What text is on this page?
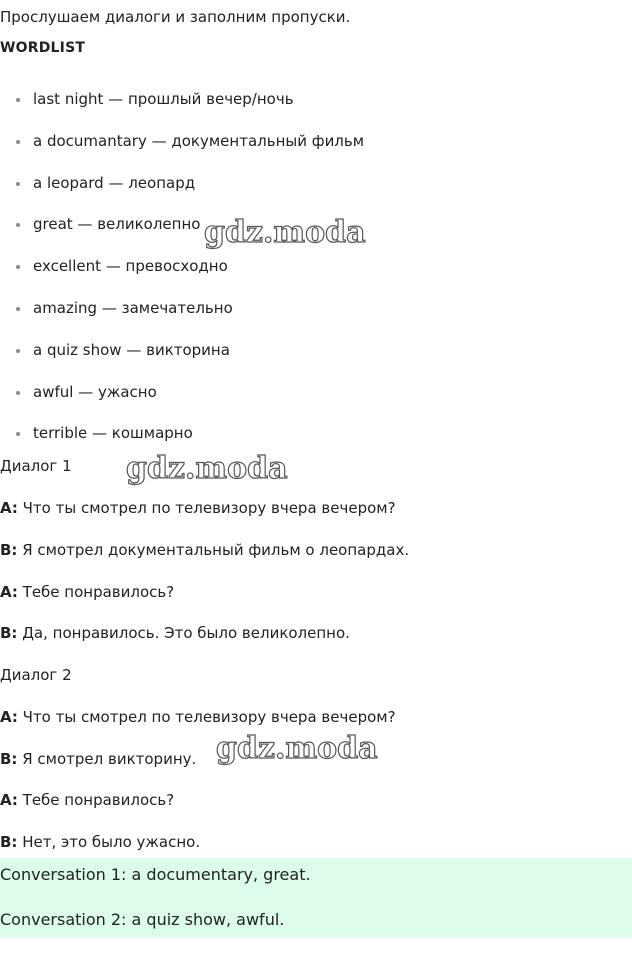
Прослушаем диалоги и заполним пропуски.
WORDLIST
last night — прошлый вечер/ночь
a documantary — документальный фильм
a leopard — леопард
great — великолепно
excellent — превосходно
amazing — замечательно
a quiz show — викторина
awful — ужасно
terrible — кошмарно
Диалог 1
A: Что ты смотрел по телевизору вчера вечером?
B: Я смотрел документальный фильм о леопардах.
A: Тебе понравилось?
B: Да, понравилось. Это было великолепно.
Диалог 2
A: Что ты смотрел по телевизору вчера вечером?
B: Я смотрел викторину.
A: Тебе понравилось?
B: Нет, это было ужасно.
Conversation 1: a documentary, great.
Conversation 2: a quiz show, awful.
gdz.moda
gdz.moda
gdz.moda
